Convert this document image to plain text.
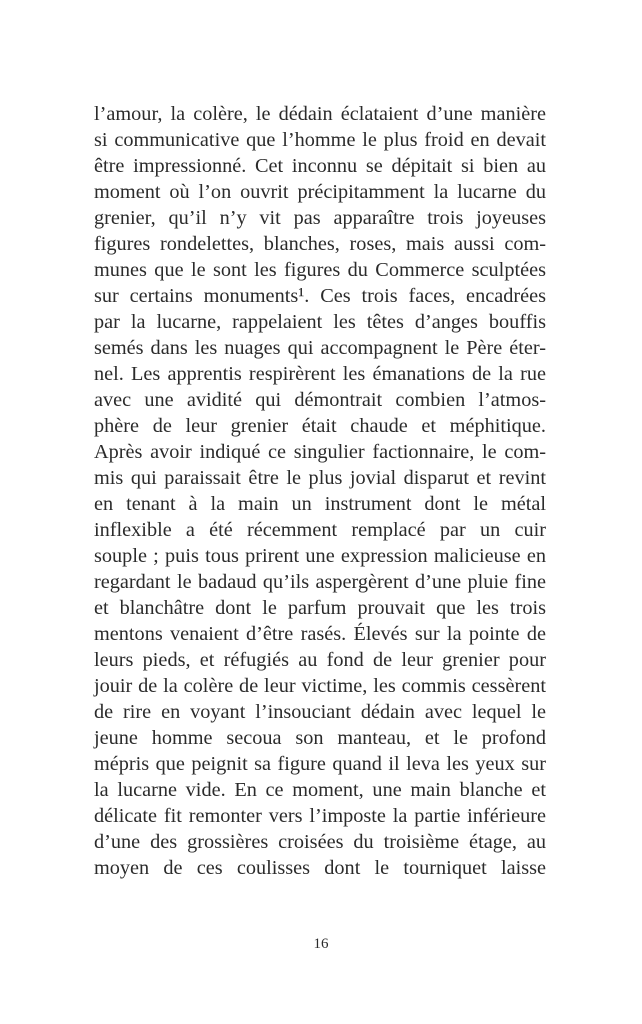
l’amour, la colère, le dédain éclataient d’une manière
si communicative que l’homme le plus froid en devait
être impressionné. Cet inconnu se dépitait si bien au
moment où l’on ouvrit précipitamment la lucarne du
grenier, qu’il n’y vit pas apparaître trois joyeuses
figures rondelettes, blanches, roses, mais aussi com-
munes que le sont les figures du Commerce sculptées
sur certains monuments¹. Ces trois faces, encadrées
par la lucarne, rappelaient les têtes d’anges bouffis
semés dans les nuages qui accompagnent le Père éter-
nel. Les apprentis respirèrent les émanations de la rue
avec une avidité qui démontrait combien l’atmos-
phère de leur grenier était chaude et méphitique.
Après avoir indiqué ce singulier factionnaire, le com-
mis qui paraissait être le plus jovial disparut et revint
en tenant à la main un instrument dont le métal
inflexible a été récemment remplacé par un cuir
souple ; puis tous prirent une expression malicieuse en
regardant le badaud qu’ils aspergèrent d’une pluie fine
et blanchâtre dont le parfum prouvait que les trois
mentons venaient d’être rasés. Élevés sur la pointe de
leurs pieds, et réfugiés au fond de leur grenier pour
jouir de la colère de leur victime, les commis cessèrent
de rire en voyant l’insouciant dédain avec lequel le
jeune homme secoua son manteau, et le profond
mépris que peignit sa figure quand il leva les yeux sur
la lucarne vide. En ce moment, une main blanche et
délicate fit remonter vers l’imposte la partie inférieure
d’une des grossières croisées du troisième étage, au
moyen de ces coulisses dont le tourniquet laisse
16
